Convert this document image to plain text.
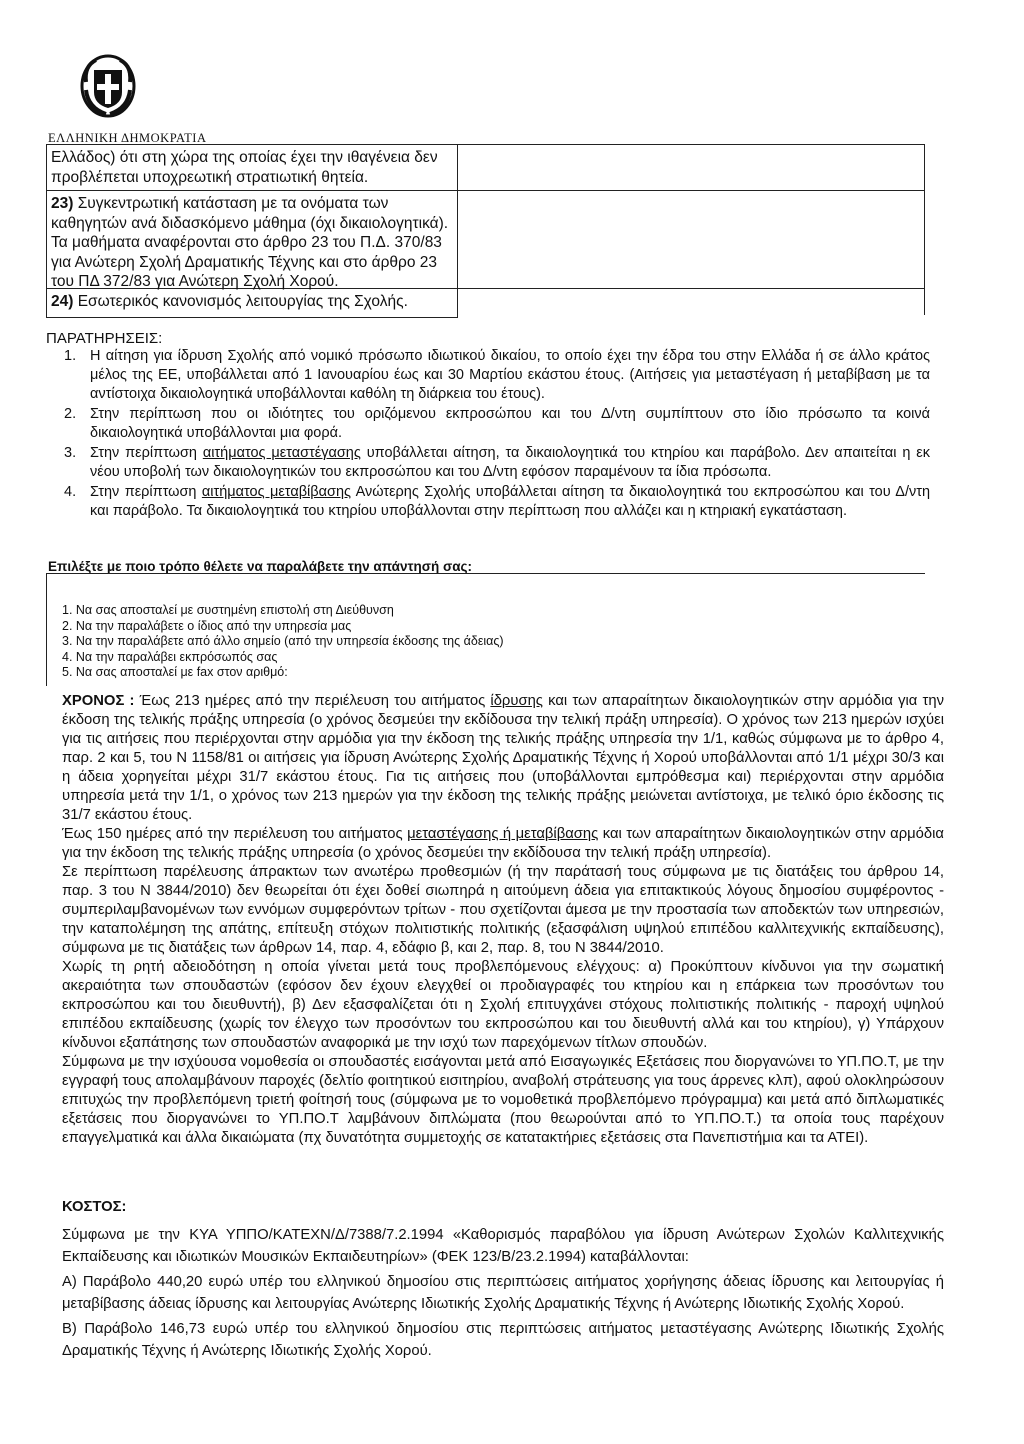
ΕΛΛΗΝΙΚΗ ΔΗΜΟΚΡΑΤΙΑ
Ελλάδος) ότι στη χώρα της οποίας έχει την ιθαγένεια δεν προβλέπεται υποχρεωτική στρατιωτική θητεία.
23) Συγκεντρωτική κατάσταση με τα ονόματα των καθηγητών ανά διδασκόμενο μάθημα (όχι δικαιολογητικά). Τα μαθήματα αναφέρονται στο άρθρο 23 του Π.Δ. 370/83 για Ανώτερη Σχολή Δραματικής Τέχνης και στο άρθρο 23 του ΠΔ 372/83 για Ανώτερη Σχολή Χορού.
24) Εσωτερικός κανονισμός λειτουργίας της Σχολής.
ΠΑΡΑΤΗΡΗΣΕΙΣ:
1. Η αίτηση για ίδρυση Σχολής από νομικό πρόσωπο ιδιωτικού δικαίου, το οποίο έχει την έδρα του στην Ελλάδα ή σε άλλο κράτος μέλος της ΕΕ, υποβάλλεται από 1 Ιανουαρίου έως και 30 Μαρτίου εκάστου έτους. (Αιτήσεις για μεταστέγαση ή μεταβίβαση με τα αντίστοιχα δικαιολογητικά υποβάλλονται καθόλη τη διάρκεια του έτους).
2. Στην περίπτωση που οι ιδιότητες του οριζόμενου εκπροσώπου και του Δ/ντη συμπίπτουν στο ίδιο πρόσωπο τα κοινά δικαιολογητικά υποβάλλονται μια φορά.
3. Στην περίπτωση αιτήματος μεταστέγασης υποβάλλεται αίτηση, τα δικαιολογητικά του κτηρίου και παράβολο. Δεν απαιτείται η εκ νέου υποβολή των δικαιολογητικών του εκπροσώπου και του Δ/ντη εφόσον παραμένουν τα ίδια πρόσωπα.
4. Στην περίπτωση αιτήματος μεταβίβασης Ανώτερης Σχολής υποβάλλεται αίτηση τα δικαιολογητικά του εκπροσώπου και του Δ/ντη και παράβολο. Τα δικαιολογητικά του κτηρίου υποβάλλονται στην περίπτωση που αλλάζει και η κτηριακή εγκατάσταση.
Επιλέξτε με ποιο τρόπο θέλετε να παραλάβετε την απάντησή σας:
1. Να σας αποσταλεί με συστημένη επιστολή στη Διεύθυνση
2. Να την παραλάβετε ο ίδιος από την υπηρεσία μας
3. Να την παραλάβετε από άλλο σημείο (από την υπηρεσία έκδοσης της άδειας)
4. Να την παραλάβει εκπρόσωπός σας
5. Να σας αποσταλεί με fax στον αριθμό:

ΧΡΟΝΟΣ : Έως 213 ημέρες από την περιέλευση του αιτήματος ίδρυσης και των απαραίτητων δικαιολογητικών στην αρμόδια για την έκδοση της τελικής πράξης υπηρεσία (ο χρόνος δεσμεύει την εκδίδουσα την τελική πράξη υπηρεσία). Ο χρόνος των 213 ημερών ισχύει για τις αιτήσεις που περιέρχονται στην αρμόδια για την έκδοση της τελικής πράξης υπηρεσία την 1/1, καθώς σύμφωνα με το άρθρο 4, παρ. 2 και 5, του Ν 1158/81 οι αιτήσεις για ίδρυση Ανώτερης Σχολής Δραματικής Τέχνης ή Χορού υποβάλλονται από 1/1 μέχρι 30/3 και η άδεια χορηγείται μέχρι 31/7 εκάστου έτους. Για τις αιτήσεις που (υποβάλλονται εμπρόθεσμα και) περιέρχονται στην αρμόδια υπηρεσία μετά την 1/1, ο χρόνος των 213 ημερών για την έκδοση της τελικής πράξης μειώνεται αντίστοιχα, με τελικό όριο έκδοσης τις 31/7 εκάστου έτους.

Έως 150 ημέρες από την περιέλευση του αιτήματος μεταστέγασης ή μεταβίβασης και των απαραίτητων δικαιολογητικών στην αρμόδια για την έκδοση της τελικής πράξης υπηρεσία (ο χρόνος δεσμεύει την εκδίδουσα την τελική πράξη υπηρεσία).

Σε περίπτωση παρέλευσης άπρακτων των ανωτέρω προθεσμιών (ή την παράτασή τους σύμφωνα με τις διατάξεις του άρθρου 14, παρ. 3 του Ν 3844/2010) δεν θεωρείται ότι έχει δοθεί σιωπηρά η αιτούμενη άδεια για επιτακτικούς λόγους δημοσίου συμφέροντος - συμπεριλαμβανομένων των εννόμων συμφερόντων τρίτων - που σχετίζονται άμεσα με την προστασία των αποδεκτών των υπηρεσιών, την καταπολέμηση της απάτης, επίτευξη στόχων πολιτιστικής πολιτικής (εξασφάλιση υψηλού επιπέδου καλλιτεχνικής εκπαίδευσης), σύμφωνα με τις διατάξεις των άρθρων 14, παρ. 4, εδάφιο β, και 2, παρ. 8, του Ν 3844/2010.

Χωρίς τη ρητή αδειοδότηση η οποία γίνεται μετά τους προβλεπόμενους ελέγχους: α) Προκύπτουν κίνδυνοι για την σωματική ακεραιότητα των σπουδαστών (εφόσον δεν έχουν ελεγχθεί οι προδιαγραφές του κτηρίου και η επάρκεια των προσόντων του εκπροσώπου και του διευθυντή), β) Δεν εξασφαλίζεται ότι η Σχολή επιτυγχάνει στόχους πολιτιστικής πολιτικής - παροχή υψηλού επιπέδου εκπαίδευσης (χωρίς τον έλεγχο των προσόντων του εκπροσώπου και του διευθυντή αλλά και του κτηρίου), γ) Υπάρχουν κίνδυνοι εξαπάτησης των σπουδαστών αναφορικά με την ισχύ των παρεχόμενων τίτλων σπουδών.

Σύμφωνα με την ισχύουσα νομοθεσία οι σπουδαστές εισάγονται μετά από Εισαγωγικές Εξετάσεις που διοργανώνει το ΥΠ.ΠΟ.Τ, με την εγγραφή τους απολαμβάνουν παροχές (δελτίο φοιτητικού εισιτηρίου, αναβολή στράτευσης για τους άρρενες κλπ), αφού ολοκληρώσουν επιτυχώς την προβλεπόμενη τριετή φοίτησή τους (σύμφωνα με το νομοθετικά προβλεπόμενο πρόγραμμα) και μετά από διπλωματικές εξετάσεις που διοργανώνει το ΥΠ.ΠΟ.Τ λαμβάνουν διπλώματα (που θεωρούνται από το ΥΠ.ΠΟ.Τ.) τα οποία τους παρέχουν επαγγελματικά και άλλα δικαιώματα (πχ δυνατότητα συμμετοχής σε κατατακτήριες εξετάσεις στα Πανεπιστήμια και τα ΑΤΕΙ).

ΚΟΣΤΟΣ:

Σύμφωνα με την ΚΥΑ ΥΠΠΟ/ΚΑΤΕΧΝ/Δ/7388/7.2.1994 «Καθορισμός παραβόλου για ίδρυση Ανώτερων Σχολών Καλλιτεχνικής Εκπαίδευσης και ιδιωτικών Μουσικών Εκπαιδευτηρίων» (ΦΕΚ 123/Β/23.2.1994) καταβάλλονται:

Α) Παράβολο 440,20 ευρώ υπέρ του ελληνικού δημοσίου στις περιπτώσεις αιτήματος χορήγησης άδειας ίδρυσης και λειτουργίας ή μεταβίβασης άδειας ίδρυσης και λειτουργίας Ανώτερης Ιδιωτικής Σχολής Δραματικής Τέχνης ή Ανώτερης Ιδιωτικής Σχολής Χορού.

Β) Παράβολο 146,73 ευρώ υπέρ του ελληνικού δημοσίου στις περιπτώσεις αιτήματος μεταστέγασης Ανώτερης Ιδιωτικής Σχολής Δραματικής Τέχνης ή Ανώτερης Ιδιωτικής Σχολής Χορού.
